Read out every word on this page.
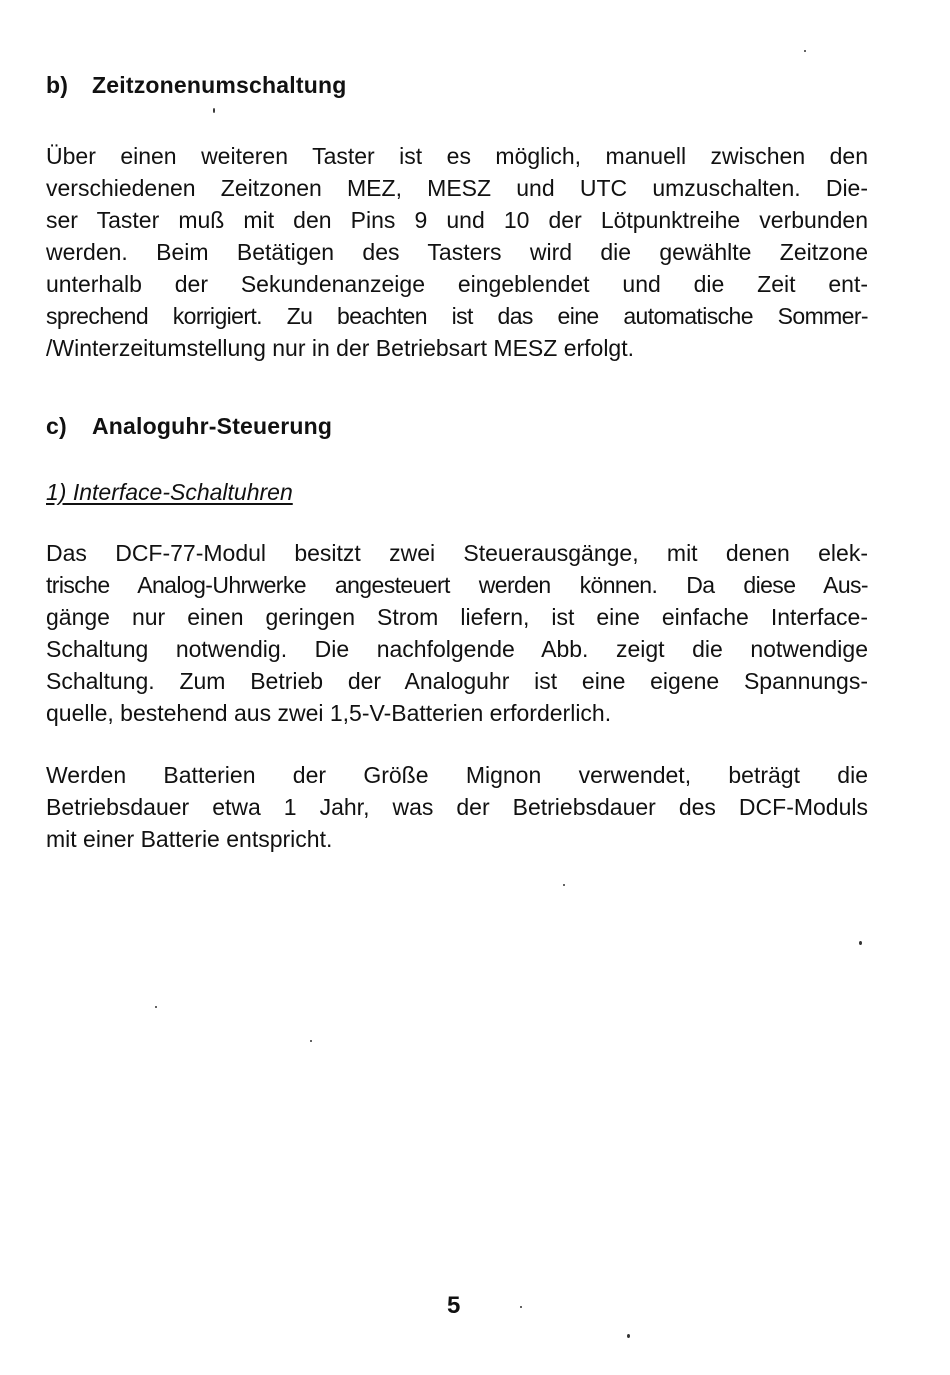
b) Zeitzonenumschaltung
Über einen weiteren Taster ist es möglich, manuell zwischen den
verschiedenen Zeitzonen MEZ, MESZ und UTC umzuschalten. Die-
ser Taster muß mit den Pins 9 und 10 der Lötpunktreihe verbunden
werden. Beim Betätigen des Tasters wird die gewählte Zeitzone
unterhalb der Sekundenanzeige eingeblendet und die Zeit ent-
sprechend korrigiert. Zu beachten ist das eine automatische Sommer-
/Winterzeitumstellung nur in der Betriebsart MESZ erfolgt.
c) Analoguhr-Steuerung
1) Interface-Schaltuhren
Das DCF-77-Modul besitzt zwei Steuerausgänge, mit denen elek-
trische Analog-Uhrwerke angesteuert werden können. Da diese Aus-
gänge nur einen geringen Strom liefern, ist eine einfache Interface-
Schaltung notwendig. Die nachfolgende Abb. zeigt die notwendige
Schaltung. Zum Betrieb der Analoguhr ist eine eigene Spannungs-
quelle, bestehend aus zwei 1,5-V-Batterien erforderlich.
Werden Batterien der Größe Mignon verwendet, beträgt die
Betriebsdauer etwa 1 Jahr, was der Betriebsdauer des DCF-Moduls
mit einer Batterie entspricht.
5
